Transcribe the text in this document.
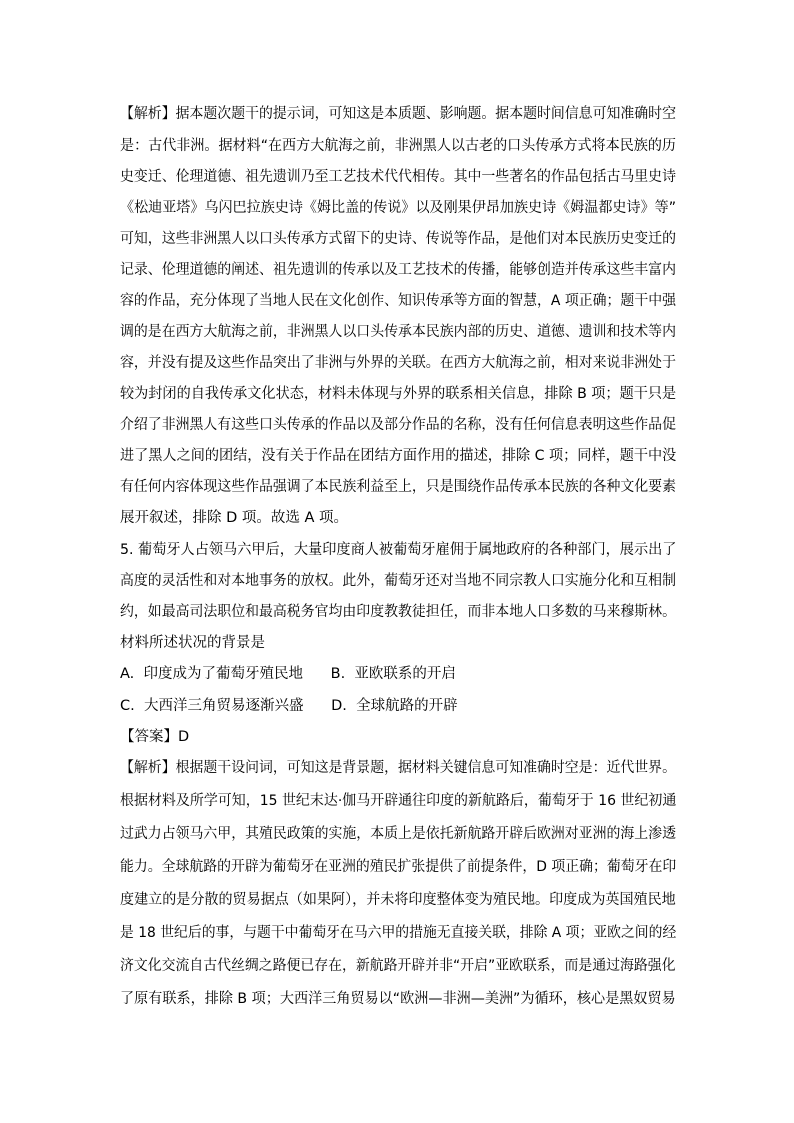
【解析】据本题次题干的提示词，可知这是本质题、影响题。据本题时间信息可知准确时空
是：古代非洲。据材料“在西方大航海之前，非洲黑人以古老的口头传承方式将本民族的历
史变迁、伦理道德、祖先遗训乃至工艺技术代代相传。其中一些著名的作品包括古马里史诗
《松迪亚塔》乌闪巴拉族史诗《姆比盖的传说》以及刚果伊昂加族史诗《姆温都史诗》等”
可知，这些非洲黑人以口头传承方式留下的史诗、传说等作品，是他们对本民族历史变迁的
记录、伦理道德的阐述、祖先遗训的传承以及工艺技术的传播，能够创造并传承这些丰富内
容的作品，充分体现了当地人民在文化创作、知识传承等方面的智慧，A 项正确；题干中强
调的是在西方大航海之前，非洲黑人以口头传承本民族内部的历史、道德、遗训和技术等内
容，并没有提及这些作品突出了非洲与外界的关联。在西方大航海之前，相对来说非洲处于
较为封闭的自我传承文化状态，材料未体现与外界的联系相关信息，排除 B 项；题干只是
介绍了非洲黑人有这些口头传承的作品以及部分作品的名称，没有任何信息表明这些作品促
进了黑人之间的团结，没有关于作品在团结方面作用的描述，排除 C 项；同样，题干中没
有任何内容体现这些作品强调了本民族利益至上，只是围绕作品传承本民族的各种文化要素
展开叙述，排除 D 项。故选 A 项。
5. 葡萄牙人占领马六甲后，大量印度商人被葡萄牙雇佣于属地政府的各种部门，展示出了
高度的灵活性和对本地事务的放权。此外，葡萄牙还对当地不同宗教人口实施分化和互相制
约，如最高司法职位和最高税务官均由印度教教徒担任，而非本地人口多数的马来穆斯林。
材料所述状况的背景是
A.  印度成为了葡萄牙殖民地      B.  亚欧联系的开启
C.  大西洋三角贸易逐渐兴盛      D.  全球航路的开辟
【答案】D
【解析】根据题干设问词，可知这是背景题，据材料关键信息可知准确时空是：近代世界。
根据材料及所学可知，15 世纪末达·伽马开辟通往印度的新航路后，葡萄牙于 16 世纪初通
过武力占领马六甲，其殖民政策的实施，本质上是依托新航路开辟后欧洲对亚洲的海上渗透
能力。全球航路的开辟为葡萄牙在亚洲的殖民扩张提供了前提条件，D 项正确；葡萄牙在印
度建立的是分散的贸易据点（如果阿），并未将印度整体变为殖民地。印度成为英国殖民地
是 18 世纪后的事，与题干中葡萄牙在马六甲的措施无直接关联，排除 A 项；亚欧之间的经
济文化交流自古代丝绸之路便已存在，新航路开辟并非“开启”亚欧联系，而是通过海路强化
了原有联系，排除 B 项；大西洋三角贸易以“欧洲—非洲—美洲”为循环，核心是黑奴贸易
